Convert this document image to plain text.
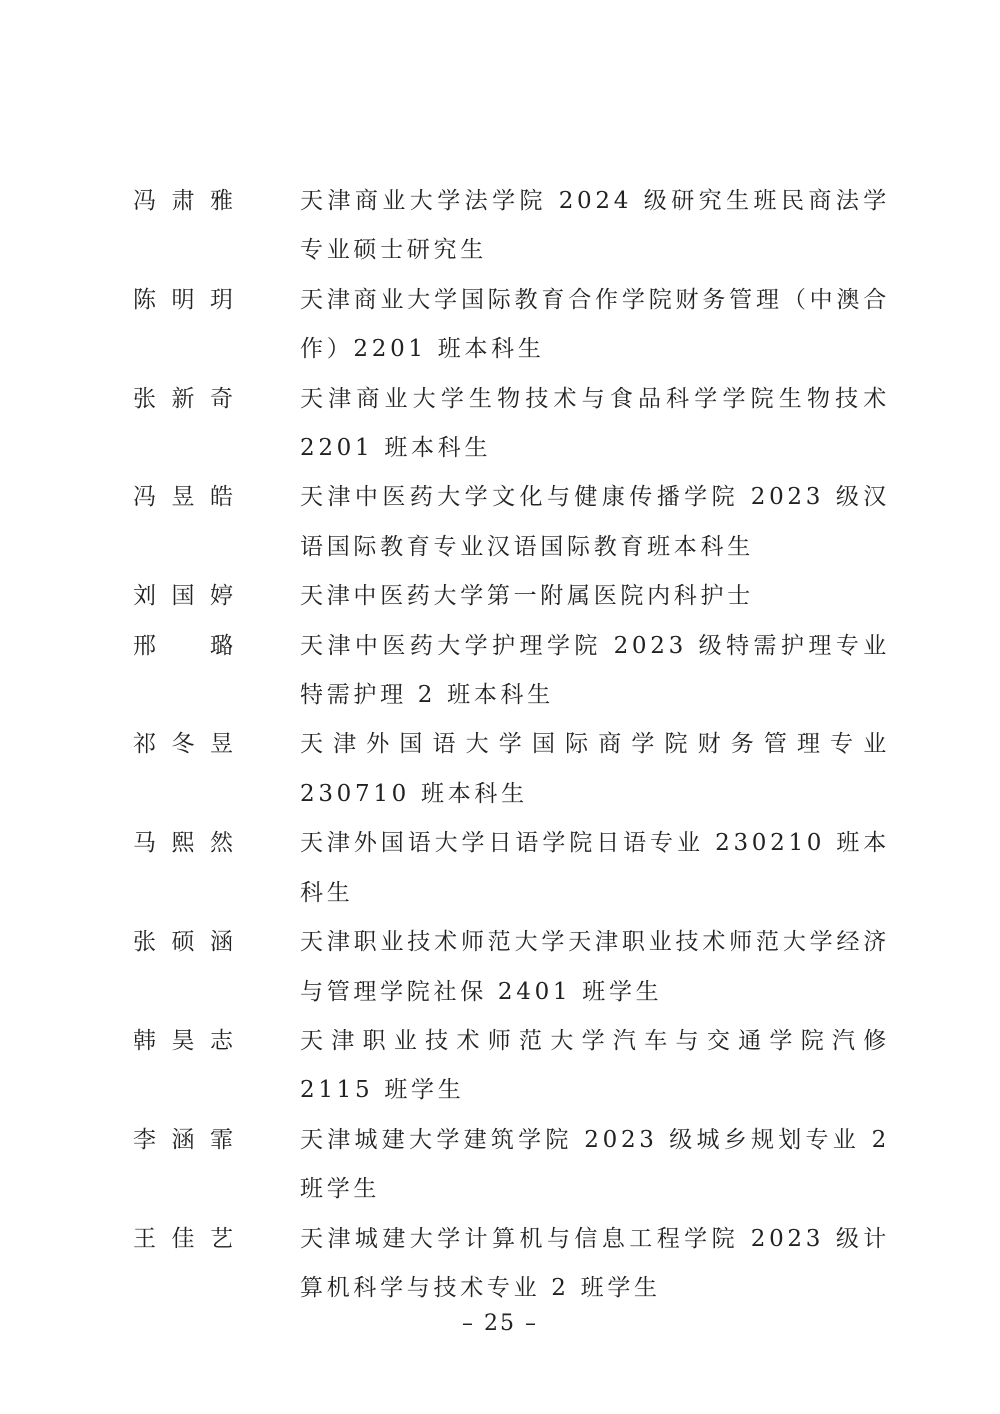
冯肃雅	天津商业大学法学院 2024 级研究生班民商法学专业硕士研究生
陈明玥	天津商业大学国际教育合作学院财务管理（中澳合作）2201 班本科生
张新奇	天津商业大学生物技术与食品科学学院生物技术 2201 班本科生
冯昱皓	天津中医药大学文化与健康传播学院 2023 级汉语国际教育专业汉语国际教育班本科生
刘国婷	天津中医药大学第一附属医院内科护士
邢璐	天津中医药大学护理学院 2023 级特需护理专业特需护理 2 班本科生
祁冬昱	天津外国语大学国际商学院财务管理专业 230710 班本科生
马熙然	天津外国语大学日语学院日语专业 230210 班本科生
张硕涵	天津职业技术师范大学天津职业技术师范大学经济与管理学院社保 2401 班学生
韩昊志	天津职业技术师范大学汽车与交通学院汽修 2115 班学生
李涵霏	天津城建大学建筑学院 2023 级城乡规划专业 2 班学生
王佳艺	天津城建大学计算机与信息工程学院 2023 级计算机科学与技术专业 2 班学生
– 25 –
